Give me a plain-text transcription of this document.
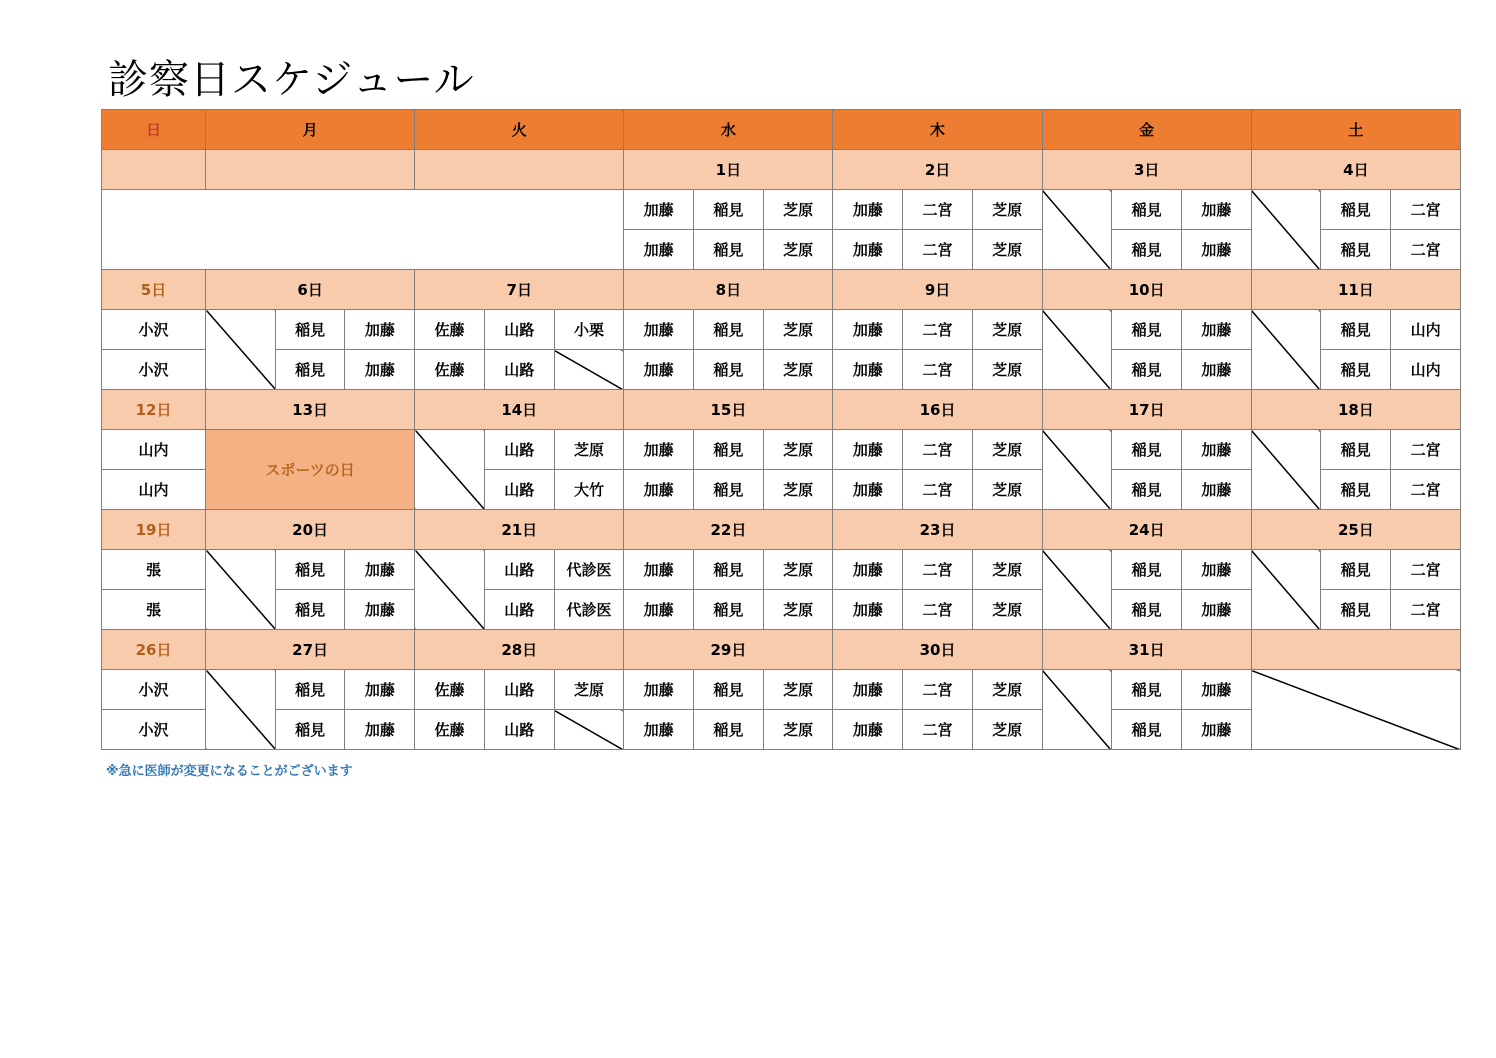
診察日スケジュール
日	月			火			水			木			金			土		
							1日			2日			3日			4日		
							加藤	稲見	芝原	加藤	二宮	芝原		稲見	加藤		稲見	二宮
							加藤	稲見	芝原	加藤	二宮	芝原		稲見	加藤		稲見	二宮
5日	6日			7日			8日			9日			10日			11日		
小沢		稲見	加藤	佐藤	山路	小栗	加藤	稲見	芝原	加藤	二宮	芝原		稲見	加藤		稲見	山内
小沢		稲見	加藤	佐藤	山路		加藤	稲見	芝原	加藤	二宮	芝原		稲見	加藤		稲見	山内
12日	13日			14日			15日			16日			17日			18日		
山内	スポーツの日				山路	芝原	加藤	稲見	芝原	加藤	二宮	芝原		稲見	加藤		稲見	二宮
山内					山路	大竹	加藤	稲見	芝原	加藤	二宮	芝原		稲見	加藤		稲見	二宮
19日	20日			21日			22日			23日			24日			25日		
張		稲見	加藤		山路	代診医	加藤	稲見	芝原	加藤	二宮	芝原		稲見	加藤		稲見	二宮
張		稲見	加藤		山路	代診医	加藤	稲見	芝原	加藤	二宮	芝原		稲見	加藤		稲見	二宮
26日	27日			28日			29日			30日			31日					
小沢		稲見	加藤	佐藤	山路	芝原	加藤	稲見	芝原	加藤	二宮	芝原		稲見	加藤			
小沢		稲見	加藤	佐藤	山路		加藤	稲見	芝原	加藤	二宮	芝原		稲見	加藤			
※急に医師が変更になることがございます
